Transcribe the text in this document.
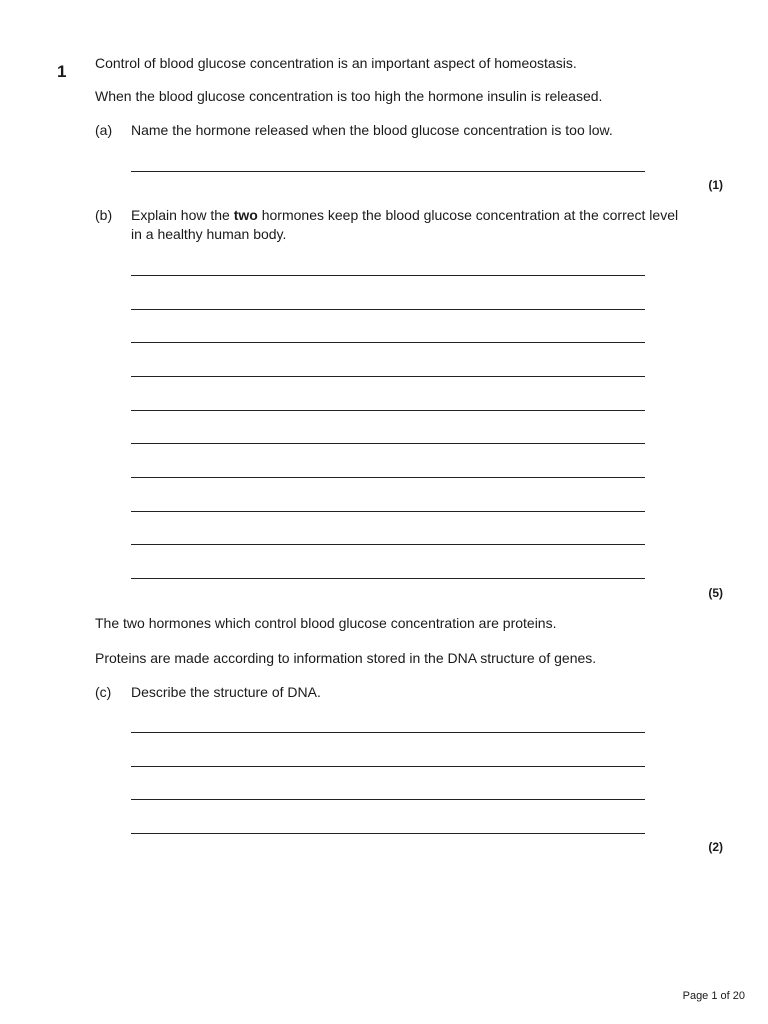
1 Control of blood glucose concentration is an important aspect of homeostasis.
When the blood glucose concentration is too high the hormone insulin is released.
(a) Name the hormone released when the blood glucose concentration is too low.
(1)
(b) Explain how the two hormones keep the blood glucose concentration at the correct level in a healthy human body.
(5)
The two hormones which control blood glucose concentration are proteins.
Proteins are made according to information stored in the DNA structure of genes.
(c) Describe the structure of DNA.
(2)
Page 1 of 20
